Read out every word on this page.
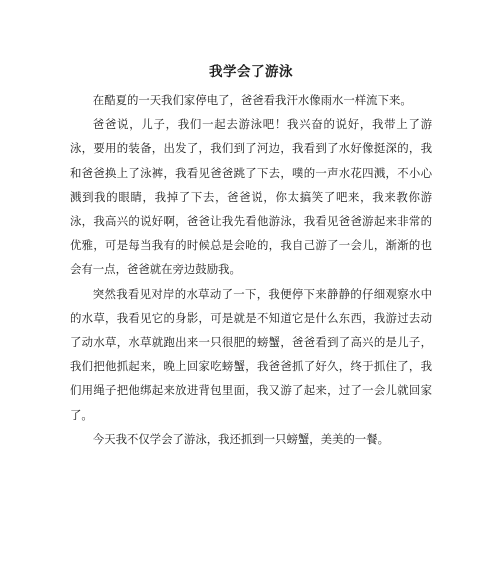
我学会了游泳

在酷夏的一天我们家停电了，爸爸看我汗水像雨水一样流下来。

爸爸说，儿子，我们一起去游泳吧！我兴奋的说好，我带上了游泳，要用的装备，出发了，我们到了河边，我看到了水好像挺深的，我和爸爸换上了泳裤，我看见爸爸跳了下去，噗的一声水花四溅，不小心溅到我的眼睛，我掉了下去，爸爸说，你太搞笑了吧来，我来教你游泳，我高兴的说好啊，爸爸让我先看他游泳，我看见爸爸游起来非常的优雅，可是每当我有的时候总是会呛的，我自己游了一会儿，渐渐的也会有一点，爸爸就在旁边鼓励我。

突然我看见对岸的水草动了一下，我便停下来静静的仔细观察水中的水草，我看见它的身影，可是就是不知道它是什么东西，我游过去动了动水草，水草就跑出来一只很肥的螃蟹，爸爸看到了高兴的是儿子，我们把他抓起来，晚上回家吃螃蟹，我爸爸抓了好久，终于抓住了，我们用绳子把他绑起来放进背包里面，我又游了起来，过了一会儿就回家了。

今天我不仅学会了游泳，我还抓到一只螃蟹，美美的一餐。
